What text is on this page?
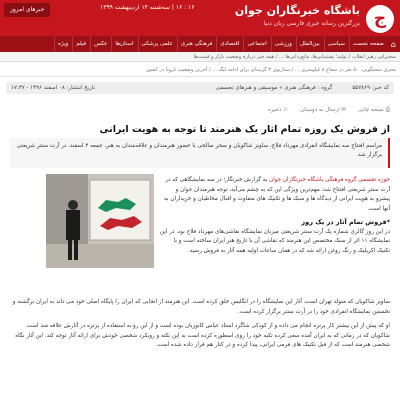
ج
باشگاه خبرنگاران جوان
بزرگترین رسانه خبری فارسی زبان دنیا
۱۶ : ۱۶ | سه‌شنبه ۱۴ اردیبهشت ۱۳۹۹
خبرهای امروز
⌂
صفحه نخست
سیاسی
بین‌الملل
ورزشی
اجتماعی
اقتصادی
فرهنگی هنری
علمی پزشکی
استان‌ها
عکس
فیلم
ویژه
سخنرانی رهبر انقلاب / تولید؛ پشتیبانی‌ها، مانع‌زدایی‌ها ... / همه چیز درباره وضعیت بازار و قیمت‌ها
مجری سخنگویی: ۵۰ نفر در شعاع ۸ کیلومتری ... / سناریوی ۳ گزینه‌ای برای ادامه لیگ ... / آخرین وضعیت کرونا در کشور
کد خبر: ۵۵۷۸۶۹
گروه : فرهنگی هنری » موسیقی و هنرهای تجسمی
تاریخ انتشار: ۰۸ اسفند ۱۳۹۶ - ۱۷:۳۷
⎙ نسخه چاپی
✉ ارسال به دوستان
☆ ذخیره
از فروش یک روزه تمام آثار یک هنرمند تا توجه به هویت ایرانی
مراسم افتتاح سه نمایشگاه انفرادی مهرداد فلاح، ساویز شاکویان و سحر صالحی با حضور هنرمندان و علاقه‌مندان به هنر، جمعه ۴ اسفند، در آرت سنتر شریعتی برگزار شد.
حوزه تجسمی گروه فرهنگی باشگاه خبرنگاران جوان به گزارش خبرنگار؛ در سه نمایشگاهی که در آرت سنتر شریعتی افتتاح شد، مهم‌ترین ویژگی این که به چشم می‌آید، توجه هنرمندان جوان و پیشرو به هویت ایرانی از دیدگاه ها و سبک ها و تکنیک های متفاوت و اقبال مخاطبان و خریداران به آنها است.
*فروش تمام آثار در یک روز
در این روز گالری شماره یک آرت سنتر شریعتی میزبان نمایشگاه نقاشی‌های مهرداد فلاح بود. در این نمایشگاه ۱۱ اثر از سبک مختصص این هنرمند که نقاشی آن با تاریخ هنر ایران ساخته است و با تکنیک اکریلیک و رنگ روغن ارائه شد که در همان ساعات اولیه همه آثار به فروش رسید.
ساویز شاکویان که متولد تهران است، آثار این نمایشگاه را در انگلیس خلق کرده است. این هنرمند از انجایی که ایران را پایگاه اصلی خود می داند به ایران برگشته و نخستین نمایشگاه انفرادی خود را در آرت سنتر برگزار کرده است.
او که پیش از این بیشتر کار پرتره انجام می داده و از کودکی شاگرد استاد عباس کاتوزیان بوده است و از این رو به استفاده از پرتره در آثارش علاقه مند است. شاکویان که در زمانی که به ایران آمده سعی کرده تکیه خود را روی اسطوره کرده است به این نکته و رویکرد شخصی خودش برای ارائه آثار توجه کند. این آثار نگاه شخصی هنرمند است که از قبل تکنیک های فرمی ایرانی، پیدا کرده و در کنار هم قرار داده شده است.
